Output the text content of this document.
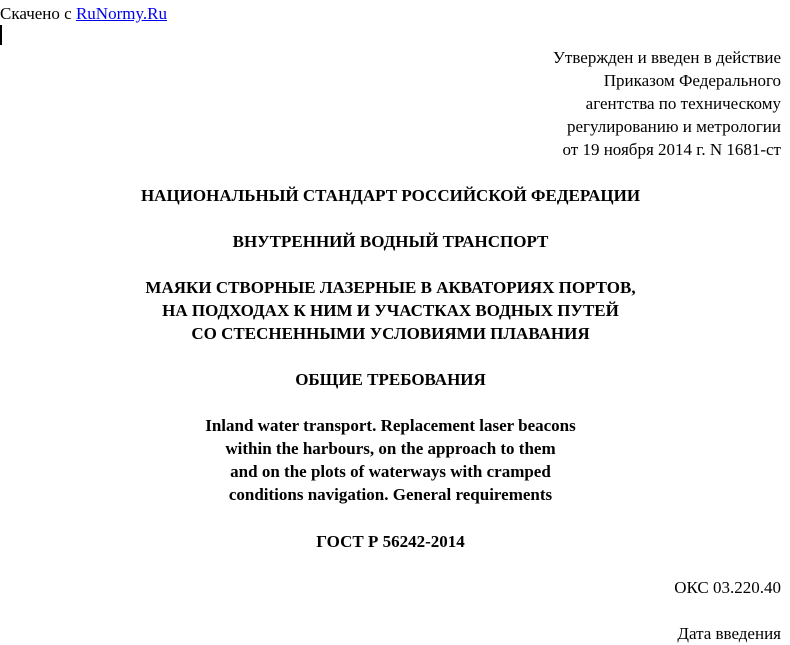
Скачено с RuNormy.Ru
Утвержден и введен в действие
Приказом Федерального
агентства по техническому
регулированию и метрологии
от 19 ноября 2014 г. N 1681-ст
НАЦИОНАЛЬНЫЙ СТАНДАРТ РОССИЙСКОЙ ФЕДЕРАЦИИ
ВНУТРЕННИЙ ВОДНЫЙ ТРАНСПОРТ
МАЯКИ СТВОРНЫЕ ЛАЗЕРНЫЕ В АКВАТОРИЯХ ПОРТОВ,
НА ПОДХОДАХ К НИМ И УЧАСТКАХ ВОДНЫХ ПУТЕЙ
СО СТЕСНЕННЫМИ УСЛОВИЯМИ ПЛАВАНИЯ
ОБЩИЕ ТРЕБОВАНИЯ
Inland water transport. Replacement laser beacons
within the harbours, on the approach to them
and on the plots of waterways with cramped
conditions navigation. General requirements
ГОСТ Р 56242-2014
ОКС 03.220.40
Дата введения
